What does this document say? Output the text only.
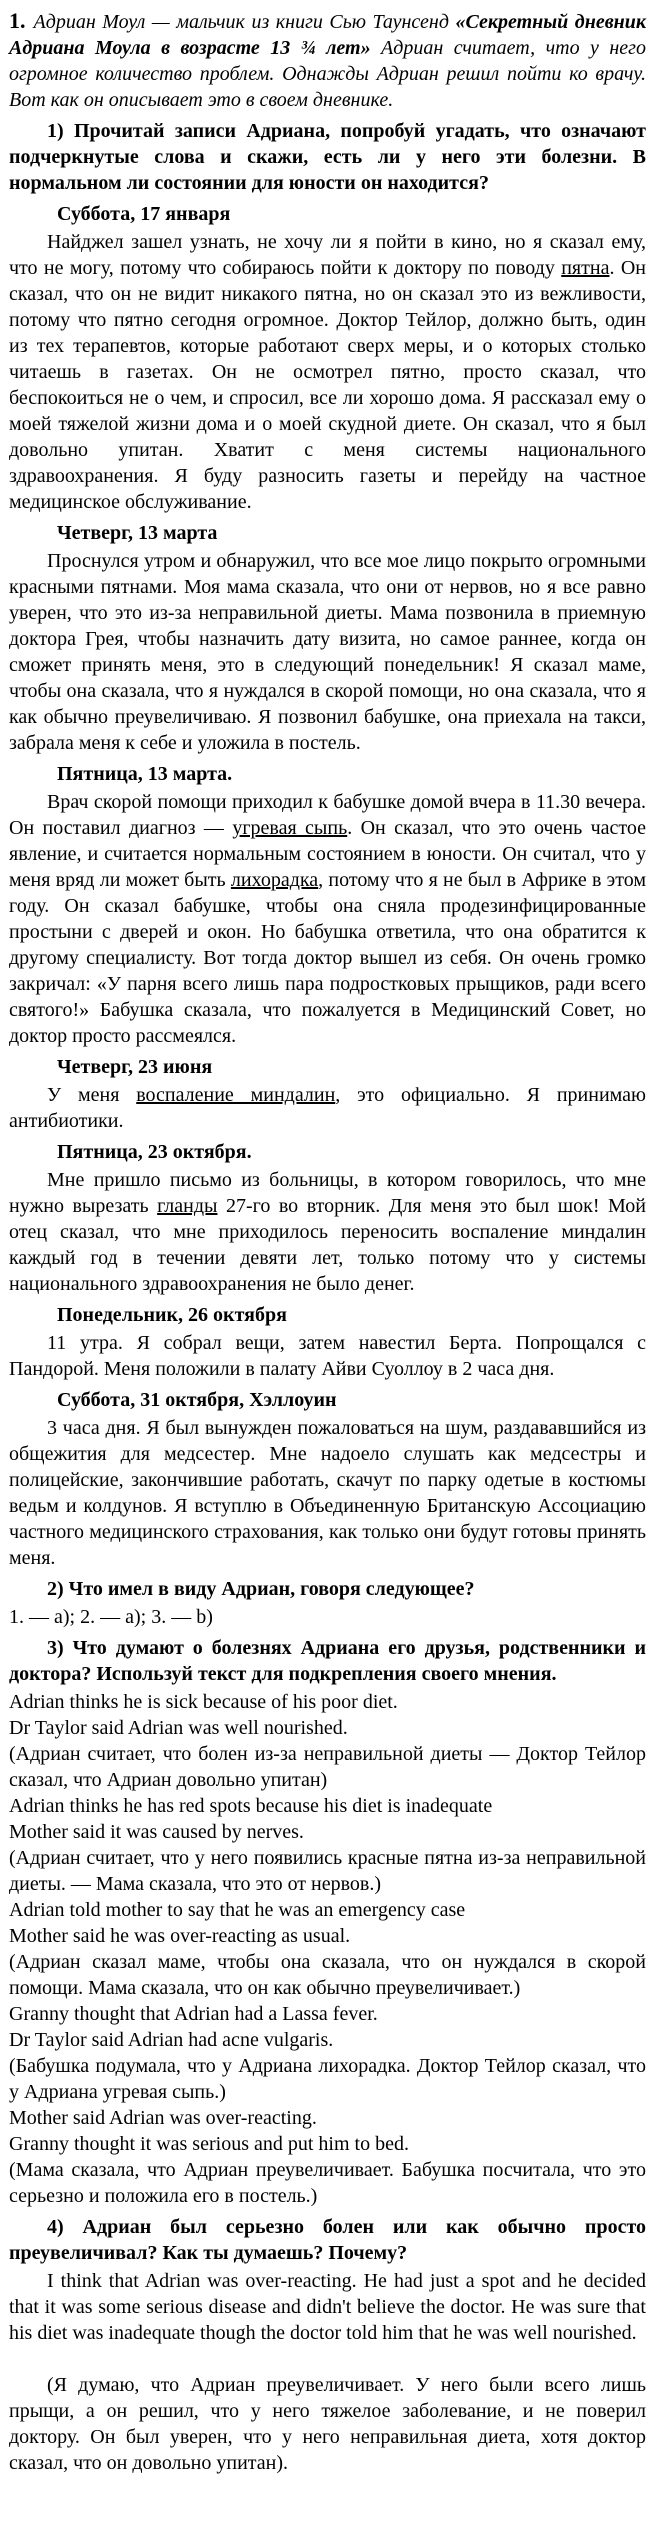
1. Адриан Моул — мальчик из книги Сью Таунсенд «Секретный дневник Адриана Моула в возрасте 13 ¾ лет» Адриан считает, что у него огромное количество проблем. Однажды Адриан решил пойти ко врачу. Вот как он описывает это в своем дневнике.

1) Прочитай записи Адриана, попробуй угадать, что означают подчеркнутые слова и скажи, есть ли у него эти болезни. В нормальном ли состоянии для юности он находится?

Суббота, 17 января

Найджел зашел узнать, не хочу ли я пойти в кино, но я сказал ему, что не могу, потому что собираюсь пойти к доктору по поводу пятна. Он сказал, что он не видит никакого пятна, но он сказал это из вежливости, потому что пятно сегодня огромное. Доктор Тейлор, должно быть, один из тех терапевтов, которые работают сверх меры, и о которых столько читаешь в газетах. Он не осмотрел пятно, просто сказал, что беспокоиться не о чем, и спросил, все ли хорошо дома. Я рассказал ему о моей тяжелой жизни дома и о моей скудной диете. Он сказал, что я был довольно упитан. Хватит с меня системы национального здравоохранения. Я буду разносить газеты и перейду на частное медицинское обслуживание.

Четверг, 13 марта

Проснулся утром и обнаружил, что все мое лицо покрыто огромными красными пятнами. Моя мама сказала, что они от нервов, но я все равно уверен, что это из-за неправильной диеты. Мама позвонила в приемную доктора Грея, чтобы назначить дату визита, но самое раннее, когда он сможет принять меня, это в следующий понедельник! Я сказал маме, чтобы она сказала, что я нуждался в скорой помощи, но она сказала, что я как обычно преувеличиваю. Я позвонил бабушке, она приехала на такси, забрала меня к себе и уложила в постель.

Пятница, 13 марта.

Врач скорой помощи приходил к бабушке домой вчера в 11.30 вечера. Он поставил диагноз — угревая сыпь. Он сказал, что это очень частое явление, и считается нормальным состоянием в юности. Он считал, что у меня вряд ли может быть лихорадка, потому что я не был в Африке в этом году. Он сказал бабушке, чтобы она сняла продезинфицированные простыни с дверей и окон. Но бабушка ответила, что она обратится к другому специалисту. Вот тогда доктор вышел из себя. Он очень громко закричал: «У парня всего лишь пара подростковых прыщиков, ради всего святого!» Бабушка сказала, что пожалуется в Медицинский Совет, но доктор просто рассмеялся.

Четверг, 23 июня

У меня воспаление миндалин, это официально. Я принимаю антибиотики.

Пятница, 23 октября.

Мне пришло письмо из больницы, в котором говорилось, что мне нужно вырезать гланды 27-го во вторник. Для меня это был шок! Мой отец сказал, что мне приходилось переносить воспаление миндалин каждый год в течении девяти лет, только потому что у системы национального здравоохранения не было денег.

Понедельник, 26 октября

11 утра. Я собрал вещи, затем навестил Берта. Попрощался с Пандорой. Меня положили в палату Айви Суоллоу в 2 часа дня.

Суббота, 31 октября, Хэллоуин

3 часа дня. Я был вынужден пожаловаться на шум, раздававшийся из общежития для медсестер. Мне надоело слушать как медсестры и полицейские, закончившие работать, скачут по парку одетые в костюмы ведьм и колдунов. Я вступлю в Объединенную Британскую Ассоциацию частного медицинского страхования, как только они будут готовы принять меня.

2) Что имел в виду Адриан, говоря следующее?

1. — a); 2. — a); 3. — b)

3) Что думают о болезнях Адриана его друзья, родственники и доктора? Используй текст для подкрепления своего мнения.

Adrian thinks he is sick because of his poor diet.

Dr Taylor said Adrian was well nourished.

(Адриан считает, что болен из-за неправильной диеты — Доктор Тейлор сказал, что Адриан довольно упитан)

Adrian thinks he has red spots because his diet is inadequate

Mother said it was caused by nerves.

(Адриан считает, что у него появились красные пятна из-за неправильной диеты. — Мама сказала, что это от нервов.)

Adrian told mother to say that he was an emergency case

Mother said he was over-reacting as usual.

(Адриан сказал маме, чтобы она сказала, что он нуждался в скорой помощи. Мама сказала, что он как обычно преувеличивает.)

Granny thought that Adrian had a Lassa fever.

Dr Taylor said Adrian had acne vulgaris.

(Бабушка подумала, что у Адриана лихорадка. Доктор Тейлор сказал, что у Адриана угревая сыпь.)

Mother said Adrian was over-reacting.

Granny thought it was serious and put him to bed.

(Мама сказала, что Адриан преувеличивает. Бабушка посчитала, что это серьезно и положила его в постель.)

4) Адриан был серьезно болен или как обычно просто преувеличивал? Как ты думаешь? Почему?

I think that Adrian was over-reacting. He had just a spot and he decided that it was some serious disease and didn't believe the doctor. He was sure that his diet was inadequate though the doctor told him that he was well nourished.

(Я думаю, что Адриан преувеличивает. У него были всего лишь прыщи, а он решил, что у него тяжелое заболевание, и не поверил доктору. Он был уверен, что у него неправильная диета, хотя доктор сказал, что он довольно упитан).
